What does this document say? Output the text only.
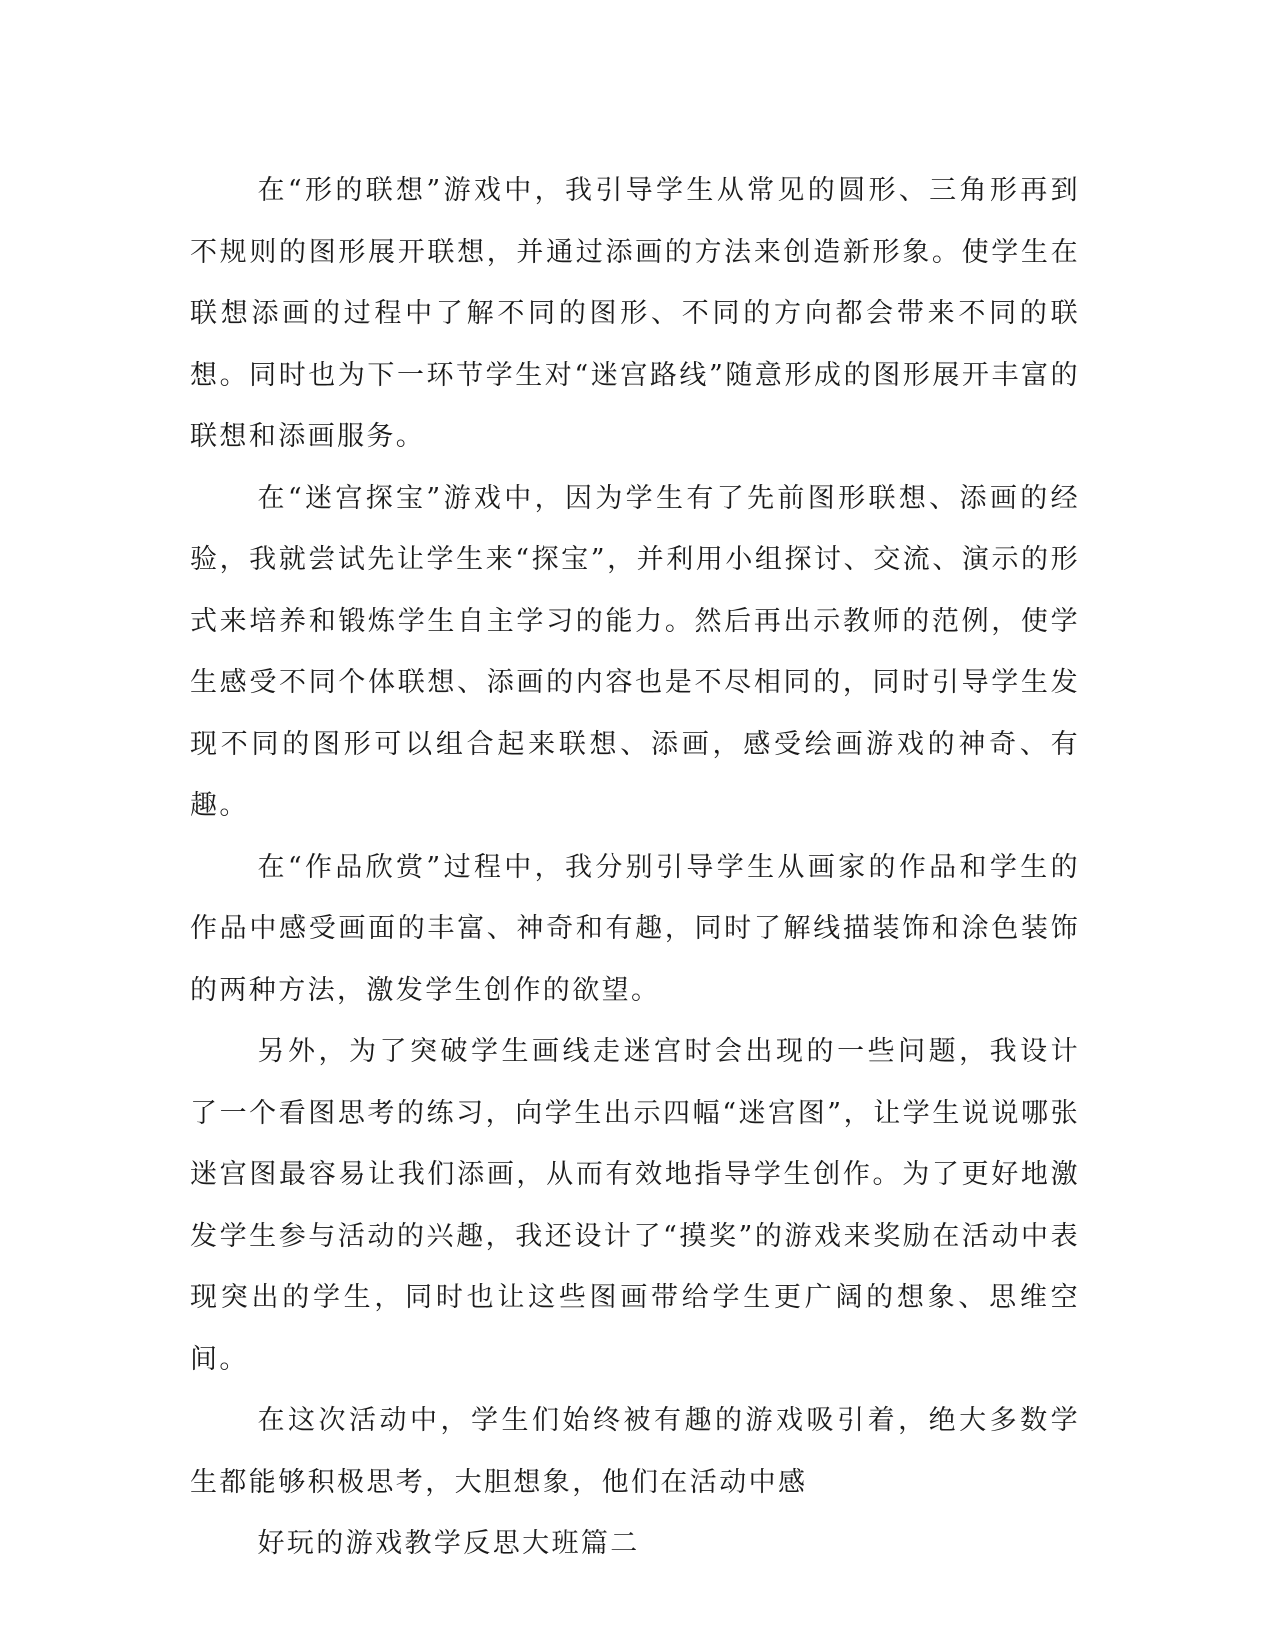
在“形的联想”游戏中，我引导学生从常见的圆形、三角形再到不规则的图形展开联想，并通过添画的方法来创造新形象。使学生在联想添画的过程中了解不同的图形、不同的方向都会带来不同的联想。同时也为下一环节学生对“迷宫路线”随意形成的图形展开丰富的联想和添画服务。

在“迷宫探宝”游戏中，因为学生有了先前图形联想、添画的经验，我就尝试先让学生来“探宝”，并利用小组探讨、交流、演示的形式来培养和锻炼学生自主学习的能力。然后再出示教师的范例，使学生感受不同个体联想、添画的内容也是不尽相同的，同时引导学生发现不同的图形可以组合起来联想、添画，感受绘画游戏的神奇、有趣。

在“作品欣赏”过程中，我分别引导学生从画家的作品和学生的作品中感受画面的丰富、神奇和有趣，同时了解线描装饰和涂色装饰的两种方法，激发学生创作的欲望。

另外，为了突破学生画线走迷宫时会出现的一些问题，我设计了一个看图思考的练习，向学生出示四幅“迷宫图”，让学生说说哪张迷宫图最容易让我们添画，从而有效地指导学生创作。为了更好地激发学生参与活动的兴趣，我还设计了“摸奖”的游戏来奖励在活动中表现突出的学生，同时也让这些图画带给学生更广阔的想象、思维空间。

在这次活动中，学生们始终被有趣的游戏吸引着，绝大多数学生都能够积极思考，大胆想象，他们在活动中感

好玩的游戏教学反思大班篇二
